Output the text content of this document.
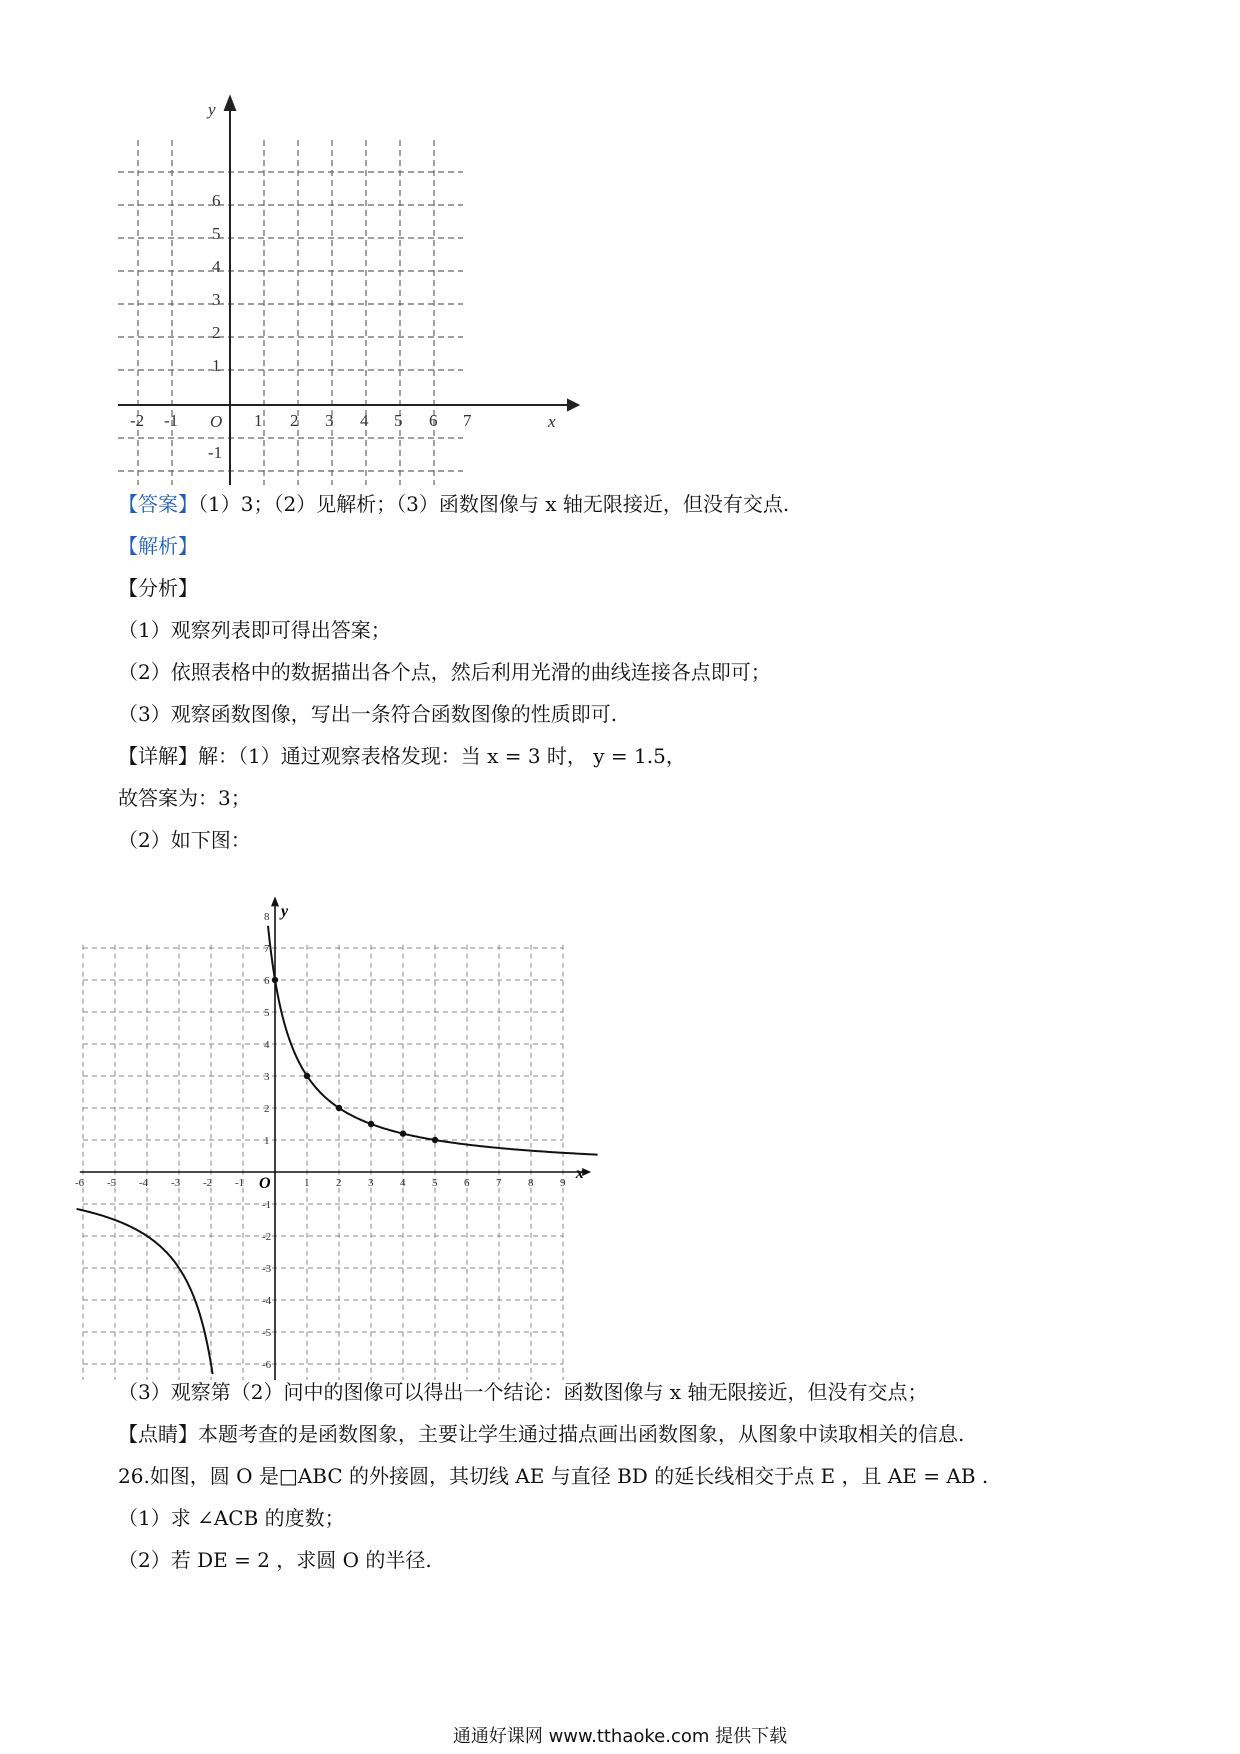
y
x
O
-2 -1	1 2 3 4 5 6 7
6
5
4
3
2
1
-1
【答案】（1）3；（2）见解析；（3）函数图像与 x 轴无限接近，但没有交点.
【解析】
【分析】
（1）观察列表即可得出答案；
（2）依照表格中的数据描出各个点，然后利用光滑的曲线连接各点即可；
（3）观察函数图像，写出一条符合函数图像的性质即可.
【详解】解：（1）通过观察表格发现：当 x = 3 时， y = 1.5，
故答案为：3；
（2）如下图：
-6 -5 -4 -3 -2 -1	1 2 3 4 5 6 7 8 9
8
7
6
5
4
3
2
1
-1
-2
-3
-4
-5
-6
O
x
y
（3）观察第（2）问中的图像可以得出一个结论：函数图像与 x 轴无限接近，但没有交点；
【点睛】本题考查的是函数图象，主要让学生通过描点画出函数图象，从图象中读取相关的信息.
26.如图，圆 O 是□ABC 的外接圆，其切线 AE 与直径 BD 的延长线相交于点 E ，且 AE = AB .
（1）求 ∠ACB 的度数；
（2）若 DE = 2 ，求圆 O 的半径.
通通好课网 www.tthaoke.com 提供下载
